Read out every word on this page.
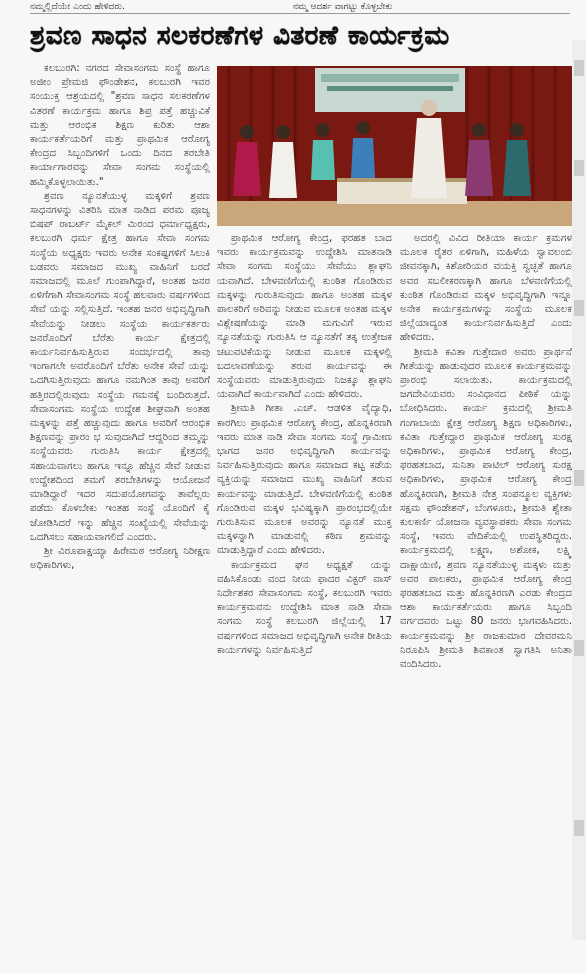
ನಮ್ಮಲ್ಲಿದೆಯೇ ಎಂದು ಹೇಳಿದರು.	ನಮ್ಮ ಆದರ್ಶ ವಾಗಟ್ಟು ಕೊಳ್ಳಬೇಕು
ಶ್ರವಣ ಸಾಧನ ಸಲಕರಣೆಗಳ ವಿತರಣೆ ಕಾರ್ಯಕ್ರಮ

ಕಲಬುರಗಿ: ನಗರದ ಸೇವಾಸಂಗಮ ಸಂಸ್ಥೆ ಹಾಗೂ ಅಜೀಂ ಪ್ರೇಮಜಿ ಫೌಂಡೇಶನ, ಕಲಬುರಗಿ ಇವರ ಸಂಯುಕ್ತ ಆಶ್ರಯದಲ್ಲಿ "ಶ್ರವಣ ಸಾಧನ ಸಲಕರಣೆಗಳ ವಿತರಣೆ ಕಾರ್ಯಕ್ರಮ ಹಾಗೂ ಶಿಪ್ರ ಪತ್ತೆ ಹಚ್ಚುವಿಕೆ ಮತ್ತು ಆರಂಭಿಕ ಶಿಕ್ಷಣ ಕುರಿತು ಆಶಾ ಕಾರ್ಯಕರ್ತೆಯರಿಗೆ ಮತ್ತು ಪ್ರಾಥಮಿಕ ಆರೋಗ್ಯ ಕೇಂದ್ರದ ಸಿಬ್ಬಂದಿಗಳಿಗೆ ಒಂದು ದಿನದ ತರಬೇತಿ ಕಾರ್ಯಾಗಾರವನ್ನು ಸೇವಾ ಸಂಗಮ ಸಂಸ್ಥೆಯಲ್ಲಿ ಹಮ್ಮಿಕೊಳ್ಳಲಾಯಿತು."

ಶ್ರವಣ ನ್ಯೂನತೆಯುಳ್ಳ ಮಕ್ಕಳಿಗೆ ಶ್ರವಣ ಸಾಧನಗಳನ್ನು ವಿತರಿಸಿ ಮಾತ ನಾಡಿದ ಪರಮ ಪೂಜ್ಯ ಬಿಷಪ್ ರಾಬರ್ಟ್ ಮೈಕಲ್ ಮಿರಂದ ಧರ್ಮಾಧ್ಯಕ್ಷರು, ಕಲಬುರಗಿ ಧರ್ಮ ಕ್ಷೇತ್ರ ಹಾಗೂ ಸೇವಾ ಸಂಗಮ ಸಂಸ್ಥೆಯ ಅಧ್ಯಕ್ಷರು ಇವರು ಅನೇಕ ಸಂಕಷ್ಟಗಳಿಗೆ ಸಿಲುಕಿ ಬಡವರು ಸಮಾಜದ ಮುಖ್ಯ ವಾಹಿನಿಗೆ ಬರದೆ ಸಮಾಜದಲ್ಲಿ ಮೂಲೆ ಗುಂಪಾಗಿದ್ದಾರೆ, ಅಂತಹ ಜನರ ಏಳಿಗೆಗಾಗಿ ಸೇವಾಸಂಗಮ ಸಂಸ್ಥೆ ಹಲವಾರು ವರ್ಷಗಳಿಂದ ಸೇವೆ ಯನ್ನು ಸಲ್ಲಿಸುತ್ತಿದೆ. ಇಂತಹ ಜನರ ಅಭಿವೃದ್ಧಿಗಾಗಿ ಸೇವೆಯನ್ನು ನೀಡಲು ಸಂಸ್ಥೆಯ ಕಾರ್ಯಕರ್ತರು ಜನರೊಂದಿಗೆ ಬೆರೆತು ಕಾರ್ಯ ಕ್ಷೇತ್ರದಲ್ಲಿ ಕಾರ್ಯನಿರ್ವಹಿಸುತ್ತಿರುವ ಸಂದರ್ಭದಲ್ಲಿ ತಾವು ಇಂಗಾಗಲೇ ಅವರೊಂದಿಗೆ ಬೆರೆತು ಅನೇಕ ಸೇವೆ ಯನ್ನು ಒದಗಿಸುತ್ತಿರುವುದು ಹಾಗೂ ನಮಗಿಂತ ತಾವು ಅವರಿಗೆ ಹತ್ತಿರದಲ್ಲಿರುವುದು ಸಂಸ್ಥೆಯ ಗಮನಕ್ಕೆ ಬಂದಿರುತ್ತದೆ. ಸೇವಾಸಂಗಮ ಸಂಸ್ಥೆಯ ಉದ್ದೇಶ ಶೀಘ್ರವಾಗಿ ಅಂತಹ ಮಕ್ಕಳನ್ನು ಪತ್ತೆ ಹಚ್ಚುವುದು ಹಾಗೂ ಅವರಿಗೆ ಆರಂಭಿಕ ಶಿಕ್ಷಣವನ್ನು ಪ್ರಾರಂ ಭ ಸುವುದಾಗಿದೆ ಆದ್ದರಿಂದ ತಮ್ಮನ್ನು ಸಂಸ್ಥೆಯವರು ಗುರುತಿಸಿ ಕಾರ್ಯ ಕ್ಷೇತ್ರದಲ್ಲಿ ಸಹಾಯವಾಗಲು ಹಾಗೂ ಇನ್ನೂ ಹೆಚ್ಚಿನ ಸೇವೆ ನೀಡುವ ಉದ್ದೇಶದಿಂದ ತಮಗೆ ತರಬೇತಿಗಳನ್ನು ಆಯೋಜನೆ ಮಾಡಿದ್ದಾರೆ ಇದರ ಸದುಪಯೋಗವನ್ನು ತಾವೆಲ್ಲರು ಪಡೆದು ಕೊಳಬೇಕು ಇಂತಹ ಸಂಸ್ಥೆ ಯೊಂದಿಗೆ ಕೈ ಜೋಡಿಸಿದರೆ ಇನ್ನು ಹೆಚ್ಚಿನ ಸಂಖ್ಯೆಯಲ್ಲಿ ಸೇವೆಯನ್ನು ಒದಗಿಸಲು ಸಹಾಯವಾಗಲಿದೆ ಎಂದರು.

ಶ್ರೀ ವಿರೂಪಾಕ್ಷಯ್ಯಾ ಹಿರೇಮಠ ಆರೋಗ್ಯ ನಿರೀಕ್ಷಣ ಅಧಿಕಾರಿಗಳು,

ಪ್ರಾಥಮಿಕ ಆರೋಗ್ಯ ಕೇಂದ್ರ, ಫರಹತ ಬಾದ ಇವರು ಕಾರ್ಯಕ್ರಮವನ್ನು ಉದ್ದೇಶಿಸಿ ಮಾತನಾಡಿ ಸೇವಾ ಸಂಗಮ ಸಂಸ್ಥೆಯು ಸೇವೆಯು ಶ್ಲಾಘನಿ ಯವಾಗಿದೆ. ಬೇಳವಣಿಗೆಯಲ್ಲಿ ಕುಂಠಿತ ಗೊಂಡಿರುವ ಮಕ್ಕಳನ್ನು ಗುರುತಿಸುವುದು ಹಾಗೂ ಅಂತಹ ಮಕ್ಕಳ ಪಾಲಕರಿಗೆ ಅರಿವನ್ನು ನೀಡುವ ಮೂಲಕ ಅಂತಹ ಮಕ್ಕಳ ವಿಶ್ಲೇಷಣೆಯನ್ನು ಮಾಡಿ ಮಗುವಿಗೆ ಇರುವ ನ್ಯೂನತೆಯನ್ನು ಗುರುತಿಸಿ ಆ ನ್ಯೂನತೆಗೆ ತಕ್ಕ ಉತ್ತೇಜಕ ಚಟುವಟಿಕೆಯನ್ನು ನೀಡುವ ಮೂಲಕ ಮಕ್ಕಳಲ್ಲಿ ಬದಲಾವಣೆಯನ್ನು ತರುವ ಕಾರ್ಯವನ್ನು ಈ ಸಂಸ್ಥೆಯವರು ಮಾಡುತ್ತಿರುವುದು ನಿಜಕ್ಕೂ ಶ್ಲಾಘನಿ ಯವಾಗಿದೆ ಕಾರ್ಯವಾಗಿದೆ ಎಂದು ಹೇಳಿದರು.

ಶ್ರೀಮತಿ ಗೀತಾ .ಎಚ್. ಆಡಳಿತ ವೈದ್ಯಾಧಿ, ಕಾರಗಿಲು ಪ್ರಾಥಮಿಕ ಆರೋಗ್ಯ ಕೇಂದ್ರ, ಹೊನ್ನಕಿರಣಗಿ ಇವರು ಮಾತ ನಾಡಿ ಸೇವಾ ಸಂಗಮ ಸಂಸ್ಥೆ ಗ್ರಾಮೀಣ ಭಾಗದ ಜನರ ಅಭಿವೃದ್ಧಿಗಾಗಿ ಕಾರ್ಯವನ್ನು ನಿರ್ವಹಿಸುತ್ತಿರುವುದು ಹಾಗೂ ಸಮಾಜದ ಕಟ್ಟ ಕಡೆಯ ವ್ಯಕ್ತಿಯನ್ನು ಸಮಾಜದ ಮುಖ್ಯ ವಾಹಿನಿಗೆ ತರುವ ಕಾರ್ಯವನ್ನು ಮಾಡುತ್ತಿದೆ. ಬೇಳವಣಿಗೆಯಲ್ಲಿ ಕುಂಠಿತ ಗೊಂಡಿರುವ ಮಕ್ಕಳ ಭವಿಷ್ಯಕ್ಕಾಗಿ ಪ್ರಾರಂಭದಲ್ಲಿಯೇ ಗುರುತಿಸುವ ಮೂಲಕ ಅವರನ್ನು ನ್ಯೂನತೆ ಮುಕ್ತ ಮಕ್ಕಳನ್ನಾಗಿ ಮಾಡುವಲ್ಲಿ ಕಠಿಣ ಶ್ರಮವನ್ನು ಮಾಡುತ್ತಿದ್ದಾರೆ ಎಂದು ಹೇಳಿದರು.

ಕಾರ್ಯಕ್ರಮದ ಘನ ಅಧ್ಯಕ್ಷತೆ ಯನ್ನು ವಹಿಸಿಕೊಂಡು ವಂದ ನೀಯ ಫಾದರ ವಿಕ್ಟರ್ ವಾಸ್ ನಿರ್ದೇಶಕರ ಸೇವಾಸಂಗಮ ಸಂಸ್ಥೆ, ಕಲಬುರಗಿ ಇವರು ಕಾರ್ಯಕ್ರಮವನು ಉದ್ದೇಶಿಸಿ ಮಾತ ನಾಡಿ ಸೇವಾ ಸಂಗಮ ಸಂಸ್ಥೆ ಕಲಬುರಗಿ ಜಿಲ್ಲೆಯಲ್ಲಿ 17 ವರ್ಷಗಳಿಂದ ಸಮಾಜದ ಅಭಿವೃದ್ಧಿಗಾಗಿ ಅನೇಕ ರೀತಿಯ ಕಾರ್ಯಗಳನ್ನು ನಿರ್ವಹಿಸುತ್ತಿದೆ

ಅದರಲ್ಲಿ ವಿವಿದ ರೀತಿಯಾ ಕಾರ್ಯ ಕ್ರಮಗಳ ಮೂಲಕ ರೈತರ ಏಳಿಗಾಗಿ, ಮಹಿಳೆಯ ಸ್ವಾವಲಂಬಿ ಜೀವನಕ್ಕಾಗಿ, ಕಿಶೋರಿಯರ ವಯಕ್ತಿ ಸ್ವಚ್ಛತೆ ಹಾಗೂ ಅವರ ಸಬಲೀಕರಣಕ್ಕಾಗಿ ಹಾಗೂ ಬೆಳವಣಿಗೆಯಲ್ಲಿ ಕುಂಠಿತ ಗೊಂಡಿರುವ ಮಕ್ಕಳ ಅಭಿವೃದ್ಧಿಗಾಗಿ ಇನ್ನೂ ಅನೇಕ ಕಾರ್ಯಕ್ರಮಗಳನ್ನು ಸಂಸ್ಥೆಯ ಮೂಲಕ ಜಿಲ್ಲೆಯಾದ್ಯಂತ ಕಾರ್ಯನಿರ್ವಹಿಸುತ್ತಿದೆ ಎಂದು ಹೇಳಿದರು.

ಶ್ರೀಮತಿ ಕವಿತಾ ಗುತ್ತೇದಾರ ಅವರು ಪ್ರಾರ್ಥನೆ ಗೀತೆಯನ್ನು ಹಾಡುವುದರ ಮೂಲಕ ಕಾರ್ಯಕ್ರಮವನ್ನು ಪ್ರಾರಂಭಿ ಸಲಾಯಿತು. ಕಾರ್ಯಕ್ರಮದಲ್ಲಿ ಜಗದೇವಿಯವರು ಸಂವಿಧಾನದ ಪೀಠಿಕೆ ಯನ್ನು ಬೋಧಿಸಿದರು. ಕಾರ್ಯ ಕ್ರಮದಲ್ಲಿ ಶ್ರೀಮತಿ ಗಂಗಾಬಾಯಿ ಕ್ಷೇತ್ರ ಆರೋಗ್ಯ ಶಿಕ್ಷಣ ಅಧಿಕಾರಿಗಳು, ಕವಿತಾ ಗುತ್ತೇದ್ದಾರ ಪ್ರಾಥಮಿಕ ಆರೋಗ್ಯ ಸುರಕ್ಷ ಅಧಿಕಾರಿಗಳು, ಪ್ರಾಥಮಿಕ ಆರೋಗ್ಯ ಕೇಂದ್ರ, ಫರಹತಬಾದ, ಸುನಿತಾ ಪಾಟಿಲ್ ಆರೋಗ್ಯ ಸುರಕ್ಷ ಅಧಿಕಾರಿಗಳು, ಪ್ರಾಥಮಿಕ ಆರೋಗ್ಯ ಕೇಂದ್ರ ಹೊನ್ನಕಿರಣಗಿ, ಶ್ರೀಮತಿ ನೇತ್ರ ಸಂಪನ್ಮೂಲ ವ್ಯಕ್ತಿಗಳು ಸಕ್ಷಮ ಫೌಂಡೇಶನ್, ಬೆಂಗಳೂರು, ಶ್ರೀಮತಿ ಶ್ವೇತಾ ಕುಲಕರ್ಣಿ ಯೋಜನಾ ವ್ಯವಸ್ಥಾಪಕರು ಸೇವಾ ಸಂಗಮ ಸಂಸ್ಥೆ, ಇವರು ವೇದಿಕೆಯಲ್ಲಿ ಉಪಸ್ಥಿತರಿದ್ದರು. ಕಾರ್ಯಕ್ರಮದಲ್ಲಿ ಲಕ್ಷ್ಮಣ, ಅಶೋಕ, ಲಕ್ಷ್ಮಿ ದಾಕ್ಷಾಯಿಣಿ, ಶ್ರವಣ ನ್ಯೂನತೆಯುಳ್ಳ ಮಕ್ಕಳು ಮತ್ತು ಅವರ ಪಾಲಕರು, ಪ್ರಾಥಮಿಕ ಆರೋಗ್ಯ ಕೇಂದ್ರ ಫರಹತಬಾದ ಮತ್ತು ಹೊನ್ನಕಿರಣಗಿ ಎರಡು ಕೇಂದ್ರದ ಆಶಾ ಕಾರ್ಯಕರ್ತೆಯರು ಹಾಗೂ ಸಿಬ್ಬಂದಿ ವರ್ಗದವರು ಒಟ್ಟು 80 ಜನರು ಭಾಗವಹಿಸಿದರು. ಕಾರ್ಯಕ್ರಮವನ್ನು ಶ್ರೀ ರಾಜಕುಮಾರ ದೇವರಮನಿ ನಿರೂಪಿಸಿ ಶ್ರೀಮತಿ ಶಿವಕಾಂತ ಸ್ವಾಗತಿಸಿ ಅನಿತಾ ವಂದಿಸಿದರು.
